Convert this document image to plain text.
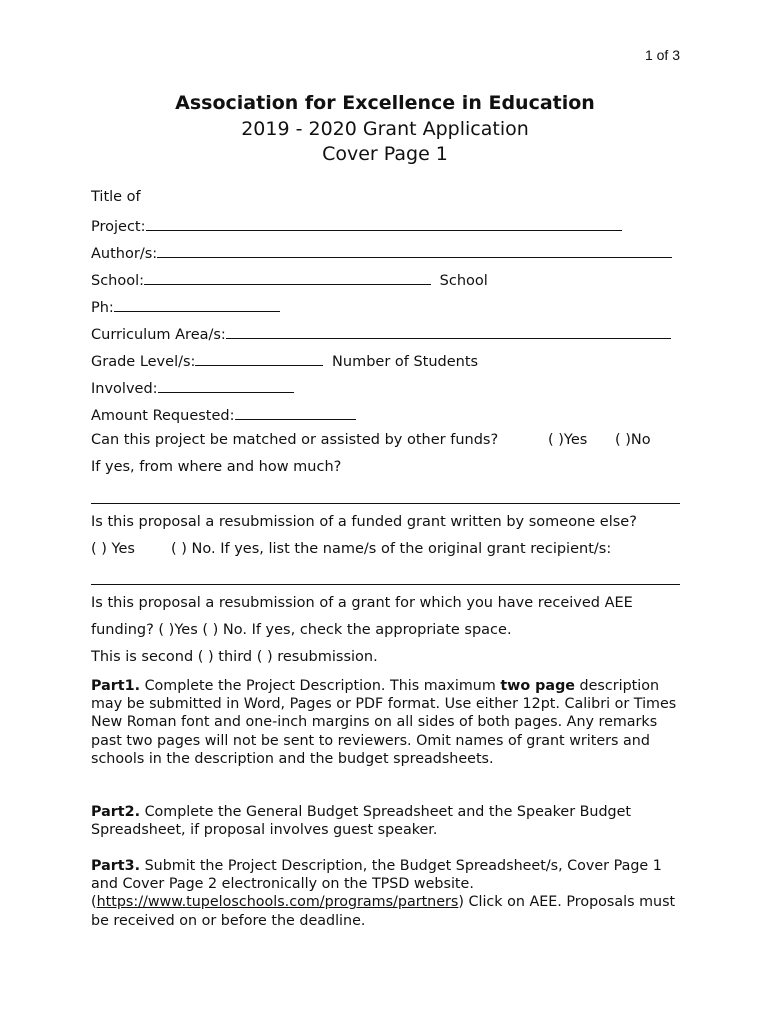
1 of 3
Association for Excellence in Education
2019 - 2020 Grant Application
Cover Page 1
Title of
Project:
Author/s:
School:	School
Ph:
Curriculum Area/s:
Grade Level/s:	Number of Students
Involved:
Amount Requested:
Can this project be matched or assisted by other funds?	( )Yes ( )No
If yes, from where and how much?
Is this proposal a resubmission of a funded grant written by someone else?
( ) Yes ( ) No. If yes, list the name/s of the original grant recipient/s:
Is this proposal a resubmission of a grant for which you have received AEE
funding? ( )Yes ( ) No. If yes, check the appropriate space.
This is second ( ) third ( ) resubmission.
Part1. Complete the Project Description. This maximum two page description may be submitted in Word, Pages or PDF format. Use either 12pt. Calibri or Times New Roman font and one-inch margins on all sides of both pages. Any remarks past two pages will not be sent to reviewers. Omit names of grant writers and schools in the description and the budget spreadsheets.
Part2. Complete the General Budget Spreadsheet and the Speaker Budget Spreadsheet, if proposal involves guest speaker.
Part3. Submit the Project Description, the Budget Spreadsheet/s, Cover Page 1 and Cover Page 2 electronically on the TPSD website. (https://www.tupeloschools.com/programs/partners) Click on AEE. Proposals must be received on or before the deadline.
